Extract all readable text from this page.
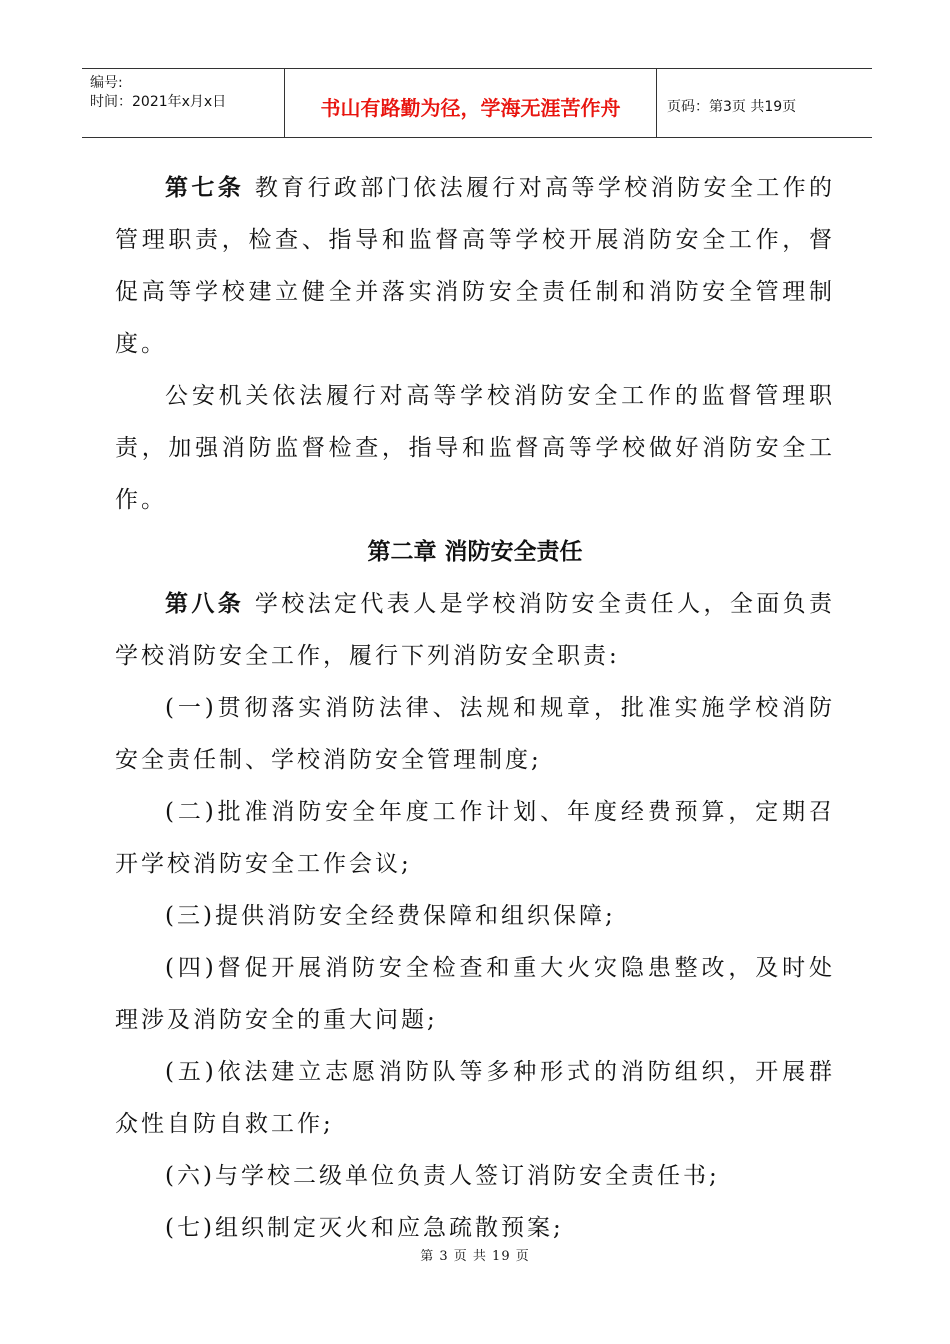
编号:
时间：2021年x月x日	书山有路勤为径，学海无涯苦作舟	页码：第3页 共19页

第七条 教育行政部门依法履行对高等学校消防安全工作的管理职责，检查、指导和监督高等学校开展消防安全工作，督促高等学校建立健全并落实消防安全责任制和消防安全管理制度。

公安机关依法履行对高等学校消防安全工作的监督管理职责，加强消防监督检查，指导和监督高等学校做好消防安全工作。

第二章 消防安全责任

第八条 学校法定代表人是学校消防安全责任人，全面负责学校消防安全工作，履行下列消防安全职责:

(一)贯彻落实消防法律、法规和规章，批准实施学校消防安全责任制、学校消防安全管理制度;

(二)批准消防安全年度工作计划、年度经费预算，定期召开学校消防安全工作会议;

(三)提供消防安全经费保障和组织保障;

(四)督促开展消防安全检查和重大火灾隐患整改，及时处理涉及消防安全的重大问题;

(五)依法建立志愿消防队等多种形式的消防组织，开展群众性自防自救工作;

(六)与学校二级单位负责人签订消防安全责任书;

(七)组织制定灭火和应急疏散预案;

第 3 页 共 19 页
